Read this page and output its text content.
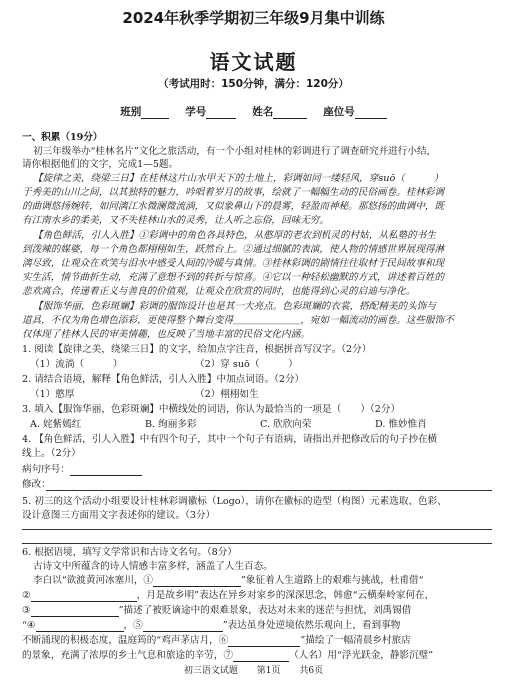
2024年秋季学期初三年级9月集中训练
语文试题
（考试用时：150分钟，满分：120分）
班别	学号	姓名	座位号
一、积累（19分）
初三年级举办“桂林名片”文化之旅活动，有一个小组对桂林的彩调进行了调查研究并进行小结，
请你根据他们的文字，完成1—5题。
【旋律之美，绕梁三日】在桂林这片山水甲天下的土地上，彩调如同一缕轻风，穿suō（　　　）
于秀美的山川之间，以其独特的魅力，吟唱着岁月的故事，绘就了一幅幅生动的民俗画卷。桂林彩调
的曲调悠扬婉转，如同漓江水微澜微流淌，又似象鼻山下的晨雾，轻盈而神秘。那悠扬的曲调中，既
有江南水乡的柔美，又不失桂林山水的灵秀，让人听之忘俗，回味无穷。
【角色鲜活，引人入胜】①彩调中的角色各具特色，从憨厚的老农到机灵的村姑，从私塾的书生
到泼辣的媒婆，每一个角色都栩栩如生，跃然台上。②通过细腻的表演，使人物的情感世界展现得淋
漓尽致，让观众在欢笑与泪水中感受人间的冷暖与真情。③桂林彩调的剧情往往取材于民间故事和现
实生活，情节曲折生动，充满了意想不到的转折与惊喜。④它以一种轻松幽默的方式，讲述着百姓的
悲欢离合，传递着正义与善良的价值观，让观众在欣赏的同时，也能得到心灵的启迪与净化。
【服饰华丽，色彩斑斓】彩调的服饰设计也是其一大亮点。色彩斑斓的衣裳，搭配精美的头饰与
道具，不仅为角色增色添彩，更使得整个舞台变得＿＿＿＿＿＿＿，宛如一幅流动的画卷。这些服饰不
仅体现了桂林人民的审美情趣，也反映了当地丰富的民俗文化内涵。
1. 阅读【旋律之美，绕梁三日】的文字，给加点字注音，根据拼音写汉字。（2分）
（1）流淌（　　　）	（2）穿 suō（　　　）
2. 请结合语境，解释【角色鲜活，引人入胜】中加点词语。（2分）
（1）憨厚	（2）栩栩如生
3. 填入【服饰华丽，色彩斑斓】中横线处的词语，你认为最恰当的一项是（　　）（2分）
A. 姹紫嫣红	B. 绚丽多彩	C. 欣欣向荣	D. 惟妙惟肖
4. 【角色鲜活，引人入胜】中有四个句子，其中一个句子有语病，请指出并把修改后的句子抄在横
线上。（2分）
病句序号：
修改：
5. 初三的这个活动小组要设计桂林彩调徽标（Logo），请你在徽标的造型（构图）元素选取、色彩、
设计意图三方面用文字表述你的建议。（3分）
6. 根据语境，填写文学常识和古诗文名句。（8分）
古诗文中所蕴含的诗人情感丰富多样，涵盖了人生百态。
李白以“欲渡黄河冰塞川，①	”象征着人生道路上的艰难与挑战，杜甫借“
②	，月是故乡明”表达在异乡对家乡的深深思念，韩愈“云横秦岭家何在，
③	”描述了被贬谪途中的艰难景象，表达对未来的迷茫与担忧，刘禹锡借
“④	，⑤	”表达虽身处逆境依然乐观向上，看到事物
不断涌现的积极态度，温庭筠的“鸡声茅店月，⑥	”描绘了一幅清晨乡村旅店
的景象，充满了浓厚的乡土气息和旅途的辛劳，⑦	（人名）用“浮光跃金，静影沉璧”
初三语文试题 第1页 共6页
